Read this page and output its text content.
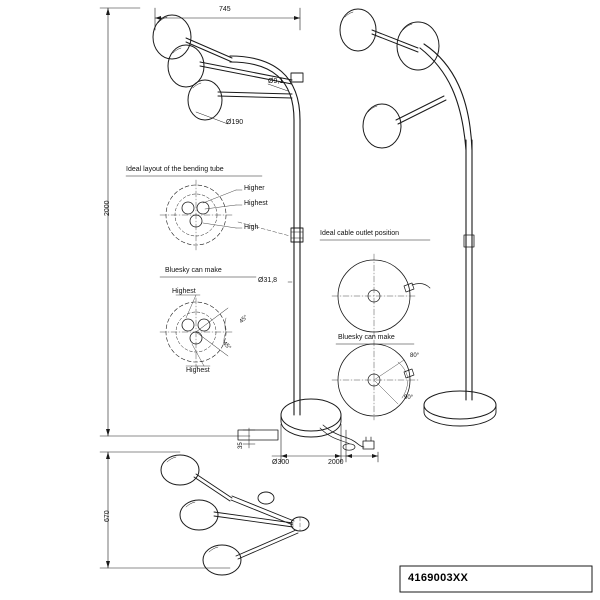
745
2000
670
Ø190
Ø9,1
Ø31,8
Ø300	2000
35
Ideal layout of the bending tube
Ideal cable outlet position
Bluesky can make
Bluesky can make
Higher
Highest
High
Highest
Highest
45°
45°
80°
90°
4169003XX
